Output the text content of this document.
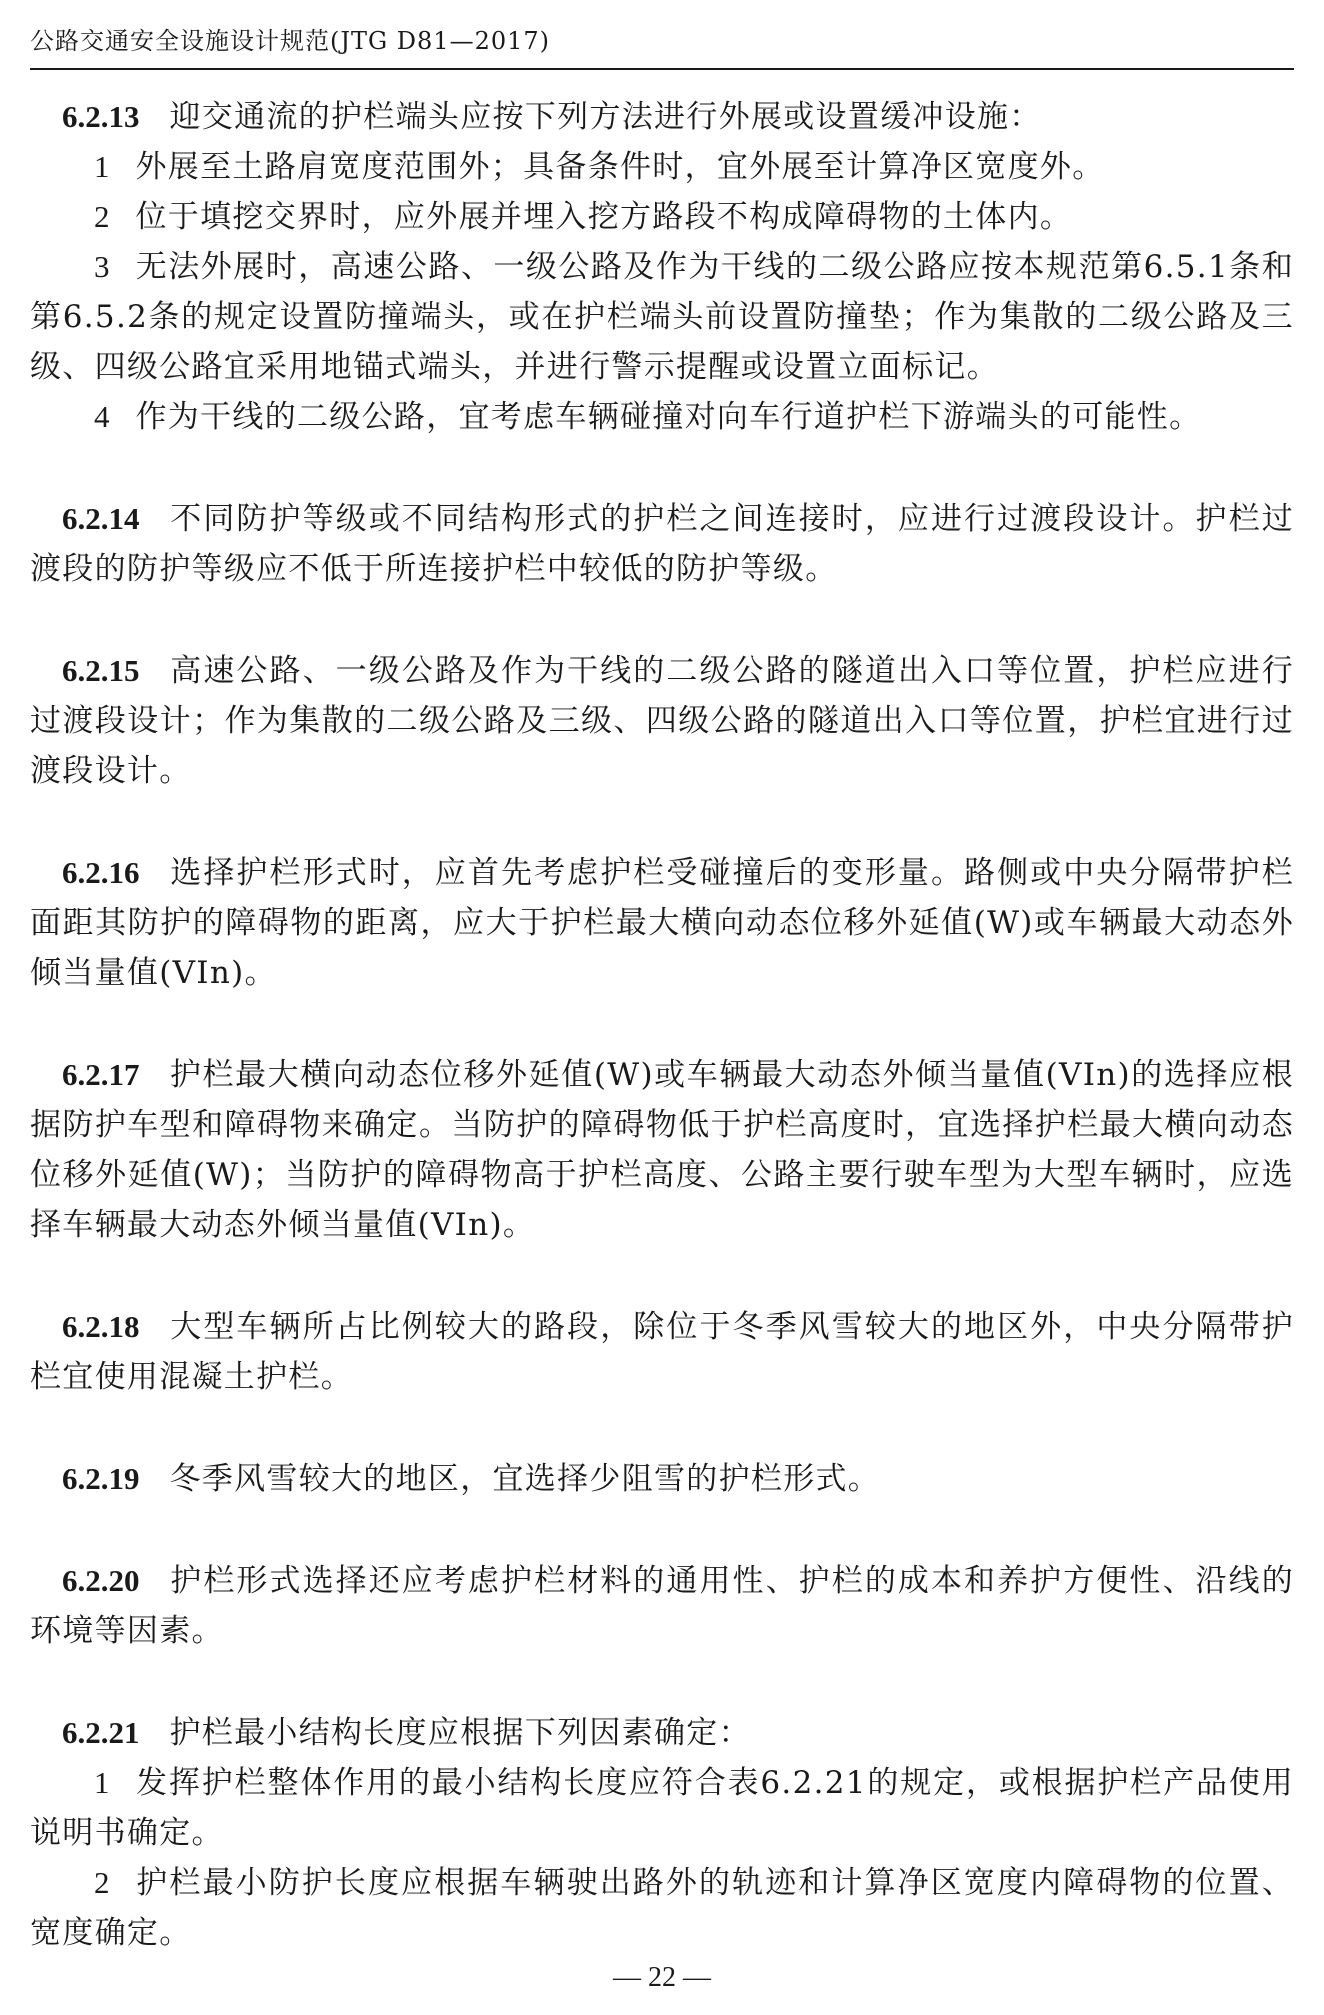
公路交通安全设施设计规范(JTG D81—2017)

6.2.13 迎交通流的护栏端头应按下列方法进行外展或设置缓冲设施：

1 外展至土路肩宽度范围外；具备条件时，宜外展至计算净区宽度外。

2 位于填挖交界时，应外展并埋入挖方路段不构成障碍物的土体内。

3 无法外展时，高速公路、一级公路及作为干线的二级公路应按本规范第6.5.1条和第6.5.2条的规定设置防撞端头，或在护栏端头前设置防撞垫；作为集散的二级公路及三级、四级公路宜采用地锚式端头，并进行警示提醒或设置立面标记。

4 作为干线的二级公路，宜考虑车辆碰撞对向车行道护栏下游端头的可能性。

6.2.14 不同防护等级或不同结构形式的护栏之间连接时，应进行过渡段设计。护栏过渡段的防护等级应不低于所连接护栏中较低的防护等级。

6.2.15 高速公路、一级公路及作为干线的二级公路的隧道出入口等位置，护栏应进行过渡段设计；作为集散的二级公路及三级、四级公路的隧道出入口等位置，护栏宜进行过渡段设计。

6.2.16 选择护栏形式时，应首先考虑护栏受碰撞后的变形量。路侧或中央分隔带护栏面距其防护的障碍物的距离，应大于护栏最大横向动态位移外延值(W)或车辆最大动态外倾当量值(VIn)。

6.2.17 护栏最大横向动态位移外延值(W)或车辆最大动态外倾当量值(VIn)的选择应根据防护车型和障碍物来确定。当防护的障碍物低于护栏高度时，宜选择护栏最大横向动态位移外延值(W)；当防护的障碍物高于护栏高度、公路主要行驶车型为大型车辆时，应选择车辆最大动态外倾当量值(VIn)。

6.2.18 大型车辆所占比例较大的路段，除位于冬季风雪较大的地区外，中央分隔带护栏宜使用混凝土护栏。

6.2.19 冬季风雪较大的地区，宜选择少阻雪的护栏形式。

6.2.20 护栏形式选择还应考虑护栏材料的通用性、护栏的成本和养护方便性、沿线的环境等因素。

6.2.21 护栏最小结构长度应根据下列因素确定：

1 发挥护栏整体作用的最小结构长度应符合表6.2.21的规定，或根据护栏产品使用说明书确定。

2 护栏最小防护长度应根据车辆驶出路外的轨迹和计算净区宽度内障碍物的位置、宽度确定。

— 22 —
